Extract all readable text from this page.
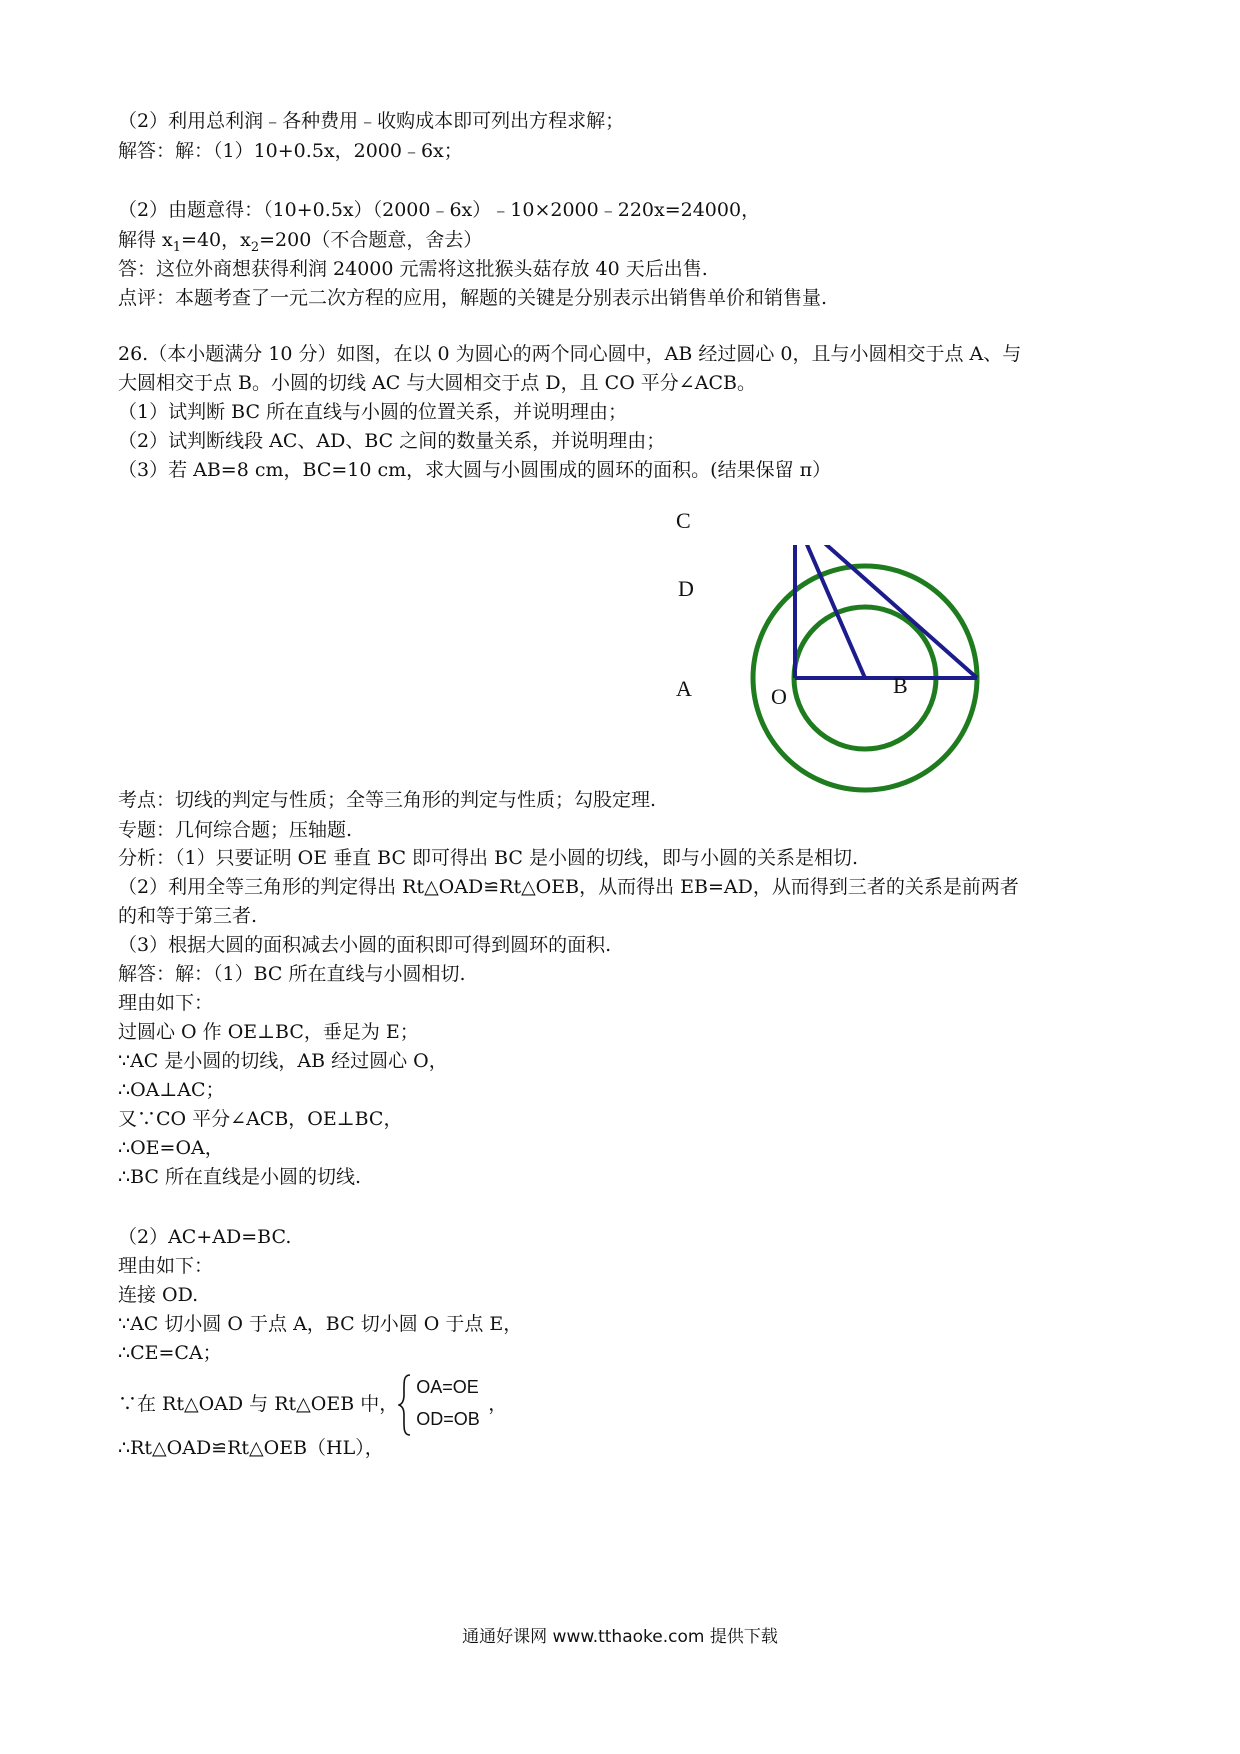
（2）利用总利润﹣各种费用﹣收购成本即可列出方程求解；
解答：解：（1）10+0.5x，2000﹣6x；
（2）由题意得：（10+0.5x）（2000﹣6x）﹣10×2000﹣220x=24000，
解得 $x_1=40$，$x_2=200$（不合题意，舍去）
答：这位外商想获得利润 24000 元需将这批猴头菇存放 40 天后出售.
点评：本题考查了一元二次方程的应用，解题的关键是分别表示出销售单价和销售量.
26.（本小题满分 10 分）如图，在以 0 为圆心的两个同心圆中，AB 经过圆心 0，且与小圆相交于点 A、与
大圆相交于点 B。小圆的切线 AC 与大圆相交于点 D，且 CO 平分∠ACB。
（1）试判断 BC 所在直线与小圆的位置关系，并说明理由；
（2）试判断线段 AC、AD、BC 之间的数量关系，并说明理由；
（3）若 AB=8 cm，BC=10 cm，求大圆与小圆围成的圆环的面积。(结果保留 π）
C
D
A	O	B
考点：切线的判定与性质；全等三角形的判定与性质；勾股定理.
专题：几何综合题；压轴题.
分析：（1）只要证明 OE 垂直 BC 即可得出 BC 是小圆的切线，即与小圆的关系是相切.
（2）利用全等三角形的判定得出 Rt△OAD≌Rt△OEB，从而得出 EB=AD，从而得到三者的关系是前两者
的和等于第三者.
（3）根据大圆的面积减去小圆的面积即可得到圆环的面积.
解答：解：（1）BC 所在直线与小圆相切.
理由如下：
过圆心 O 作 OE⊥BC，垂足为 E；
∵AC 是小圆的切线，AB 经过圆心 O，
∴OA⊥AC；
又∵CO 平分∠ACB，OE⊥BC，
∴OE=OA，
∴BC 所在直线是小圆的切线.
（2）AC+AD=BC.
理由如下：
连接 OD.
∵AC 切小圆 O 于点 A，BC 切小圆 O 于点 E，
∴CE=CA；
∵在 Rt△OAD 与 Rt△OEB 中，
OA=OE
OD=OB
，
∴Rt△OAD≌Rt△OEB（HL），
通通好课网 www.tthaoke.com 提供下载
